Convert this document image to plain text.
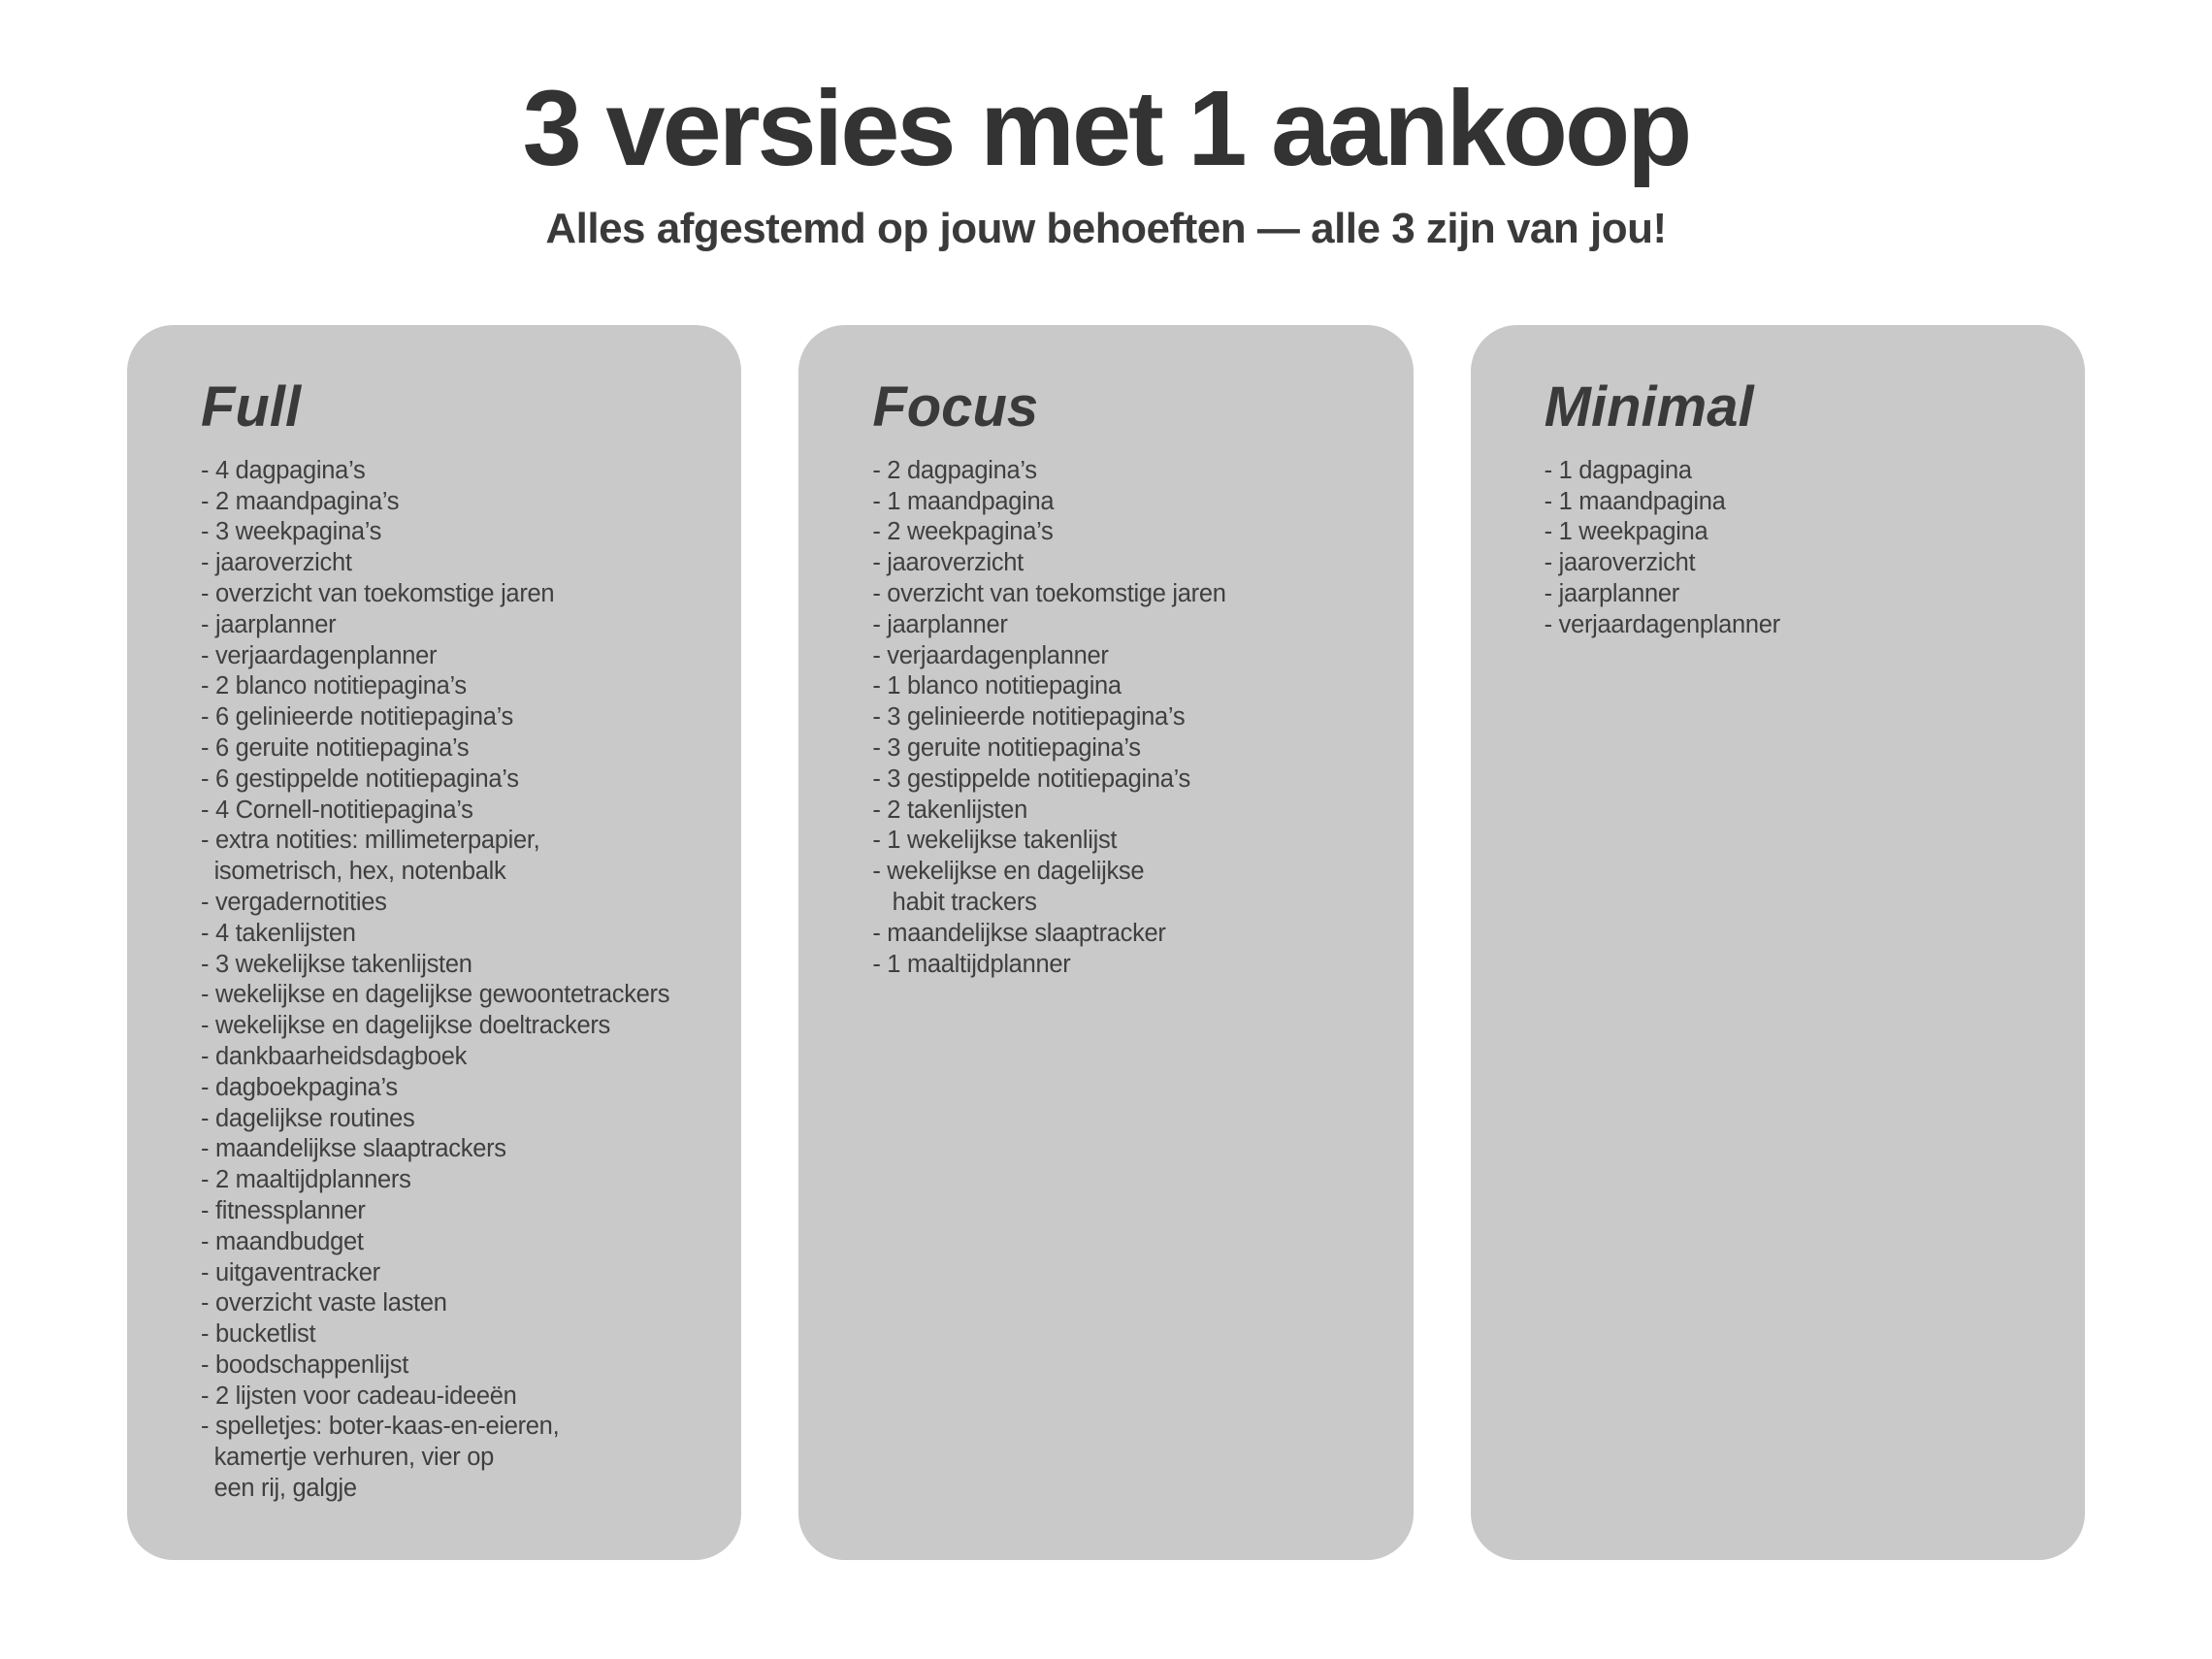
3 versies met 1 aankoop

Alles afgestemd op jouw behoeften — alle 3 zijn van jou!

Full
- 4 dagpagina’s
- 2 maandpagina’s
- 3 weekpagina’s
- jaaroverzicht
- overzicht van toekomstige jaren
- jaarplanner
- verjaardagenplanner
- 2 blanco notitiepagina’s
- 6 gelinieerde notitiepagina’s
- 6 geruite notitiepagina’s
- 6 gestippelde notitiepagina’s
- 4 Cornell-notitiepagina’s
- extra notities: millimeterpapier,
isometrisch, hex, notenbalk
- vergadernotities
- 4 takenlijsten
- 3 wekelijkse takenlijsten
- wekelijkse en dagelijkse gewoontetrackers
- wekelijkse en dagelijkse doeltrackers
- dankbaarheidsdagboek
- dagboekpagina’s
- dagelijkse routines
- maandelijkse slaaptrackers
- 2 maaltijdplanners
- fitnessplanner
- maandbudget
- uitgaventracker
- overzicht vaste lasten
- bucketlist
- boodschappenlijst
- 2 lijsten voor cadeau-ideeën
- spelletjes: boter-kaas-en-eieren,
kamertje verhuren, vier op
een rij, galgje
Focus
- 2 dagpagina’s
- 1 maandpagina
- 2 weekpagina’s
- jaaroverzicht
- overzicht van toekomstige jaren
- jaarplanner
- verjaardagenplanner
- 1 blanco notitiepagina
- 3 gelinieerde notitiepagina’s
- 3 geruite notitiepagina’s
- 3 gestippelde notitiepagina’s
- 2 takenlijsten
- 1 wekelijkse takenlijst
- wekelijkse en dagelijkse
habit trackers
- maandelijkse slaaptracker
- 1 maaltijdplanner
Minimal
- 1 dagpagina
- 1 maandpagina
- 1 weekpagina
- jaaroverzicht
- jaarplanner
- verjaardagenplanner
